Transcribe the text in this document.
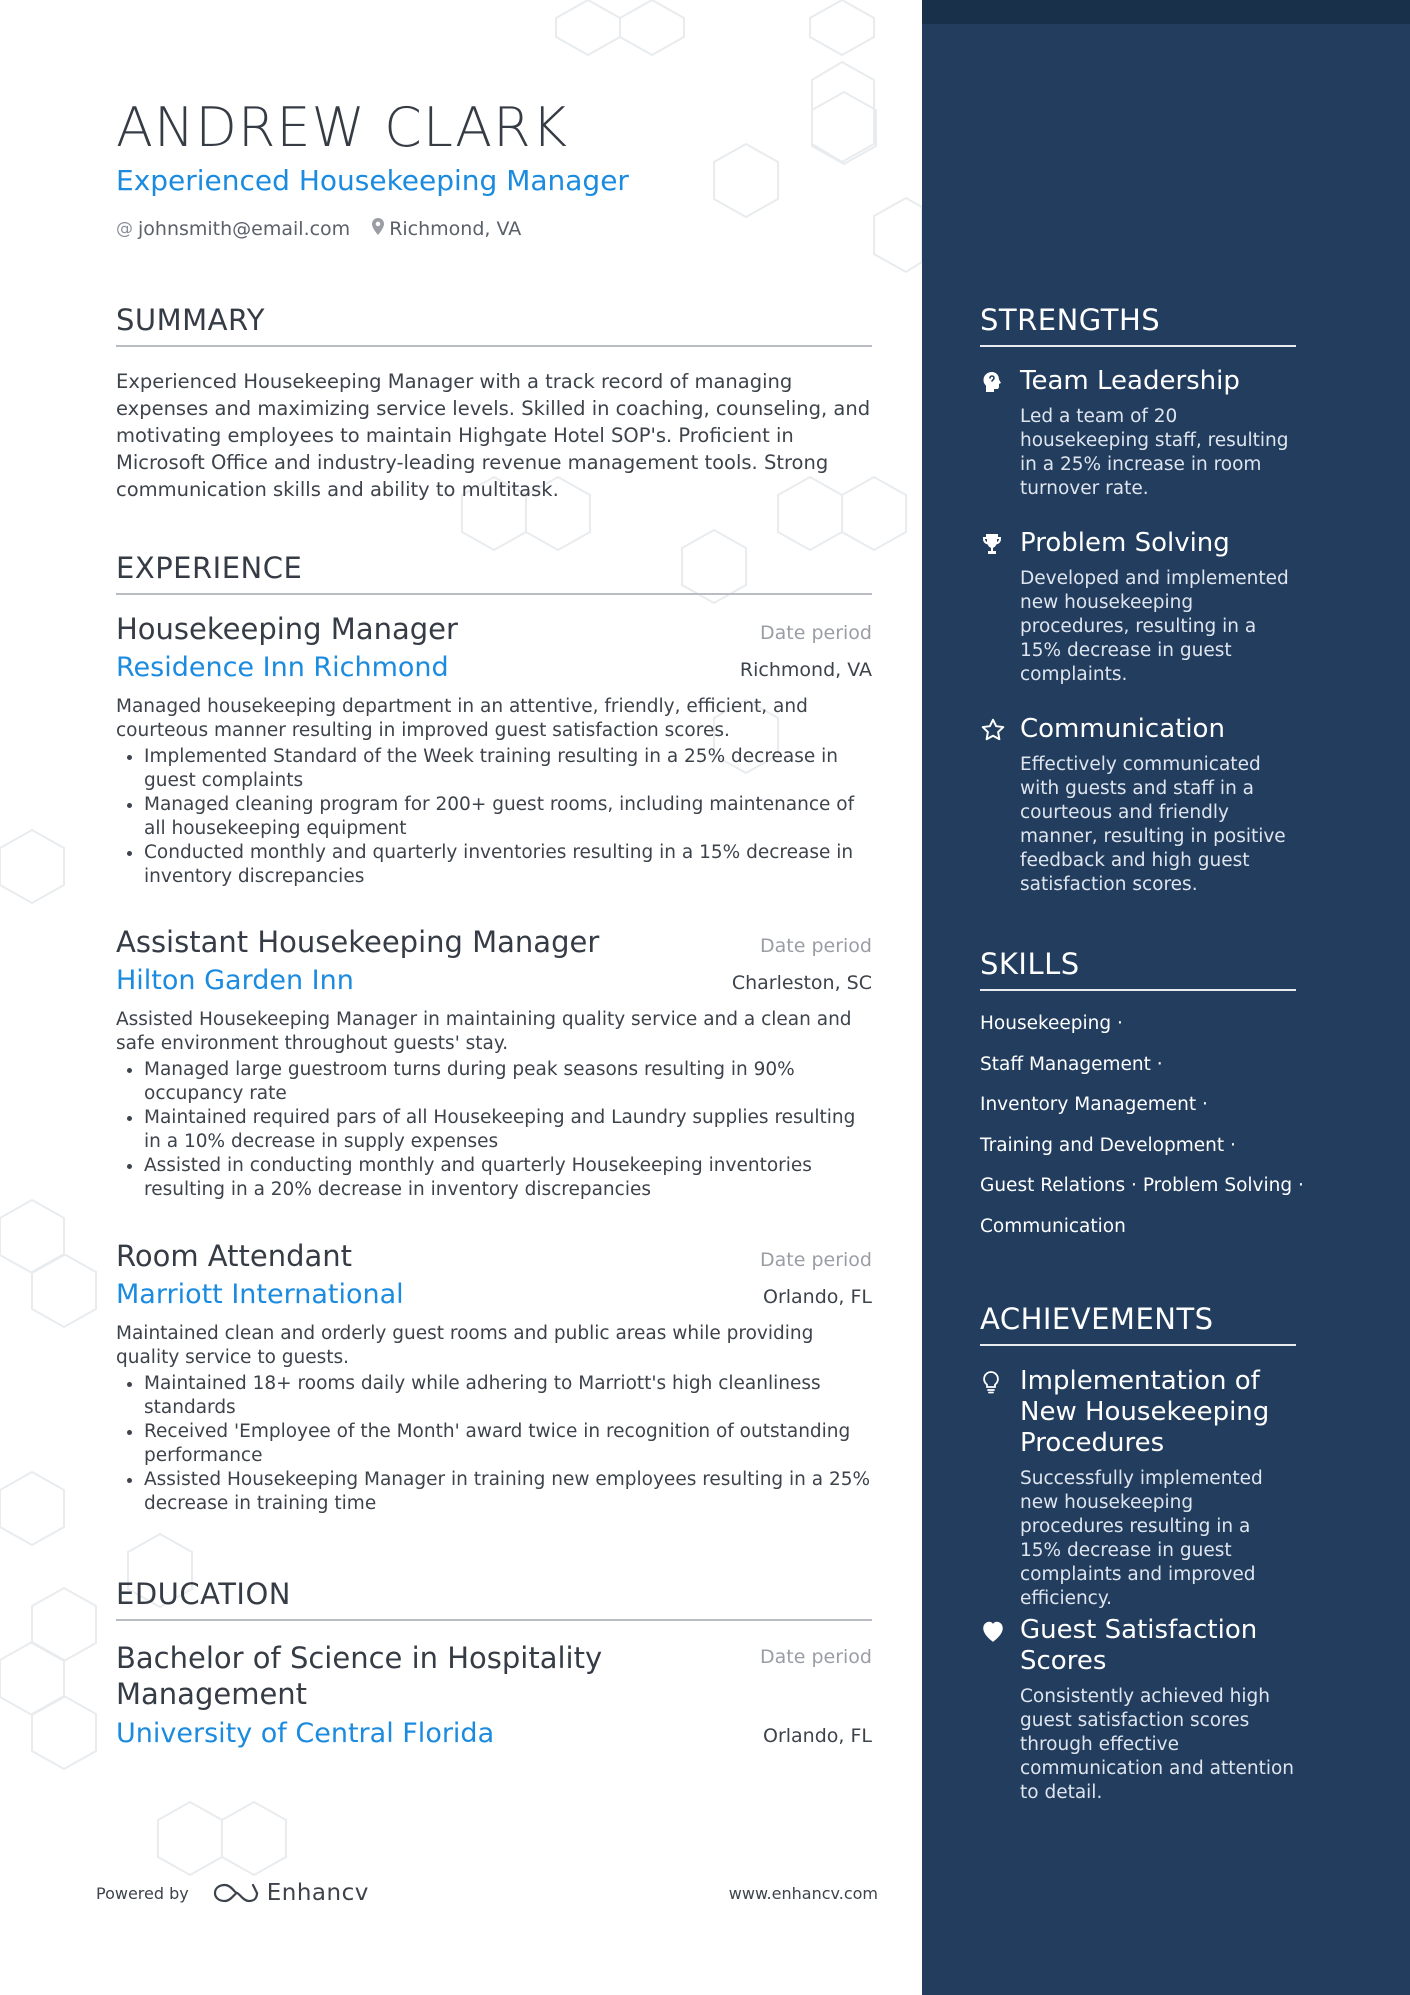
ANDREW CLARK
Experienced Housekeeping Manager
@ johnsmith@email.com Richmond, VA
SUMMARY
Experienced Housekeeping Manager with a track record of managing expenses and maximizing service levels. Skilled in coaching, counseling, and motivating employees to maintain Highgate Hotel SOP's. Proficient in Microsoft Office and industry-leading revenue management tools. Strong communication skills and ability to multitask.
EXPERIENCE
Housekeeping Manager	Date period
Residence Inn Richmond	Richmond, VA
Managed housekeeping department in an attentive, friendly, efficient, and courteous manner resulting in improved guest satisfaction scores.
• Implemented Standard of the Week training resulting in a 25% decrease in guest complaints
• Managed cleaning program for 200+ guest rooms, including maintenance of all housekeeping equipment
• Conducted monthly and quarterly inventories resulting in a 15% decrease in inventory discrepancies
Assistant Housekeeping Manager	Date period
Hilton Garden Inn	Charleston, SC
Assisted Housekeeping Manager in maintaining quality service and a clean and safe environment throughout guests' stay.
• Managed large guestroom turns during peak seasons resulting in 90% occupancy rate
• Maintained required pars of all Housekeeping and Laundry supplies resulting in a 10% decrease in supply expenses
• Assisted in conducting monthly and quarterly Housekeeping inventories resulting in a 20% decrease in inventory discrepancies
Room Attendant	Date period
Marriott International	Orlando, FL
Maintained clean and orderly guest rooms and public areas while providing quality service to guests.
• Maintained 18+ rooms daily while adhering to Marriott's high cleanliness standards
• Received 'Employee of the Month' award twice in recognition of outstanding performance
• Assisted Housekeeping Manager in training new employees resulting in a 25% decrease in training time
EDUCATION
Bachelor of Science in Hospitality Management
Date period
University of Central Florida	Orlando, FL
Powered by	Enhancv	www.enhancv.com
STRENGTHS
Team Leadership
Led a team of 20 housekeeping staff, resulting in a 25% increase in room turnover rate.
Problem Solving
Developed and implemented new housekeeping procedures, resulting in a 15% decrease in guest complaints.
Communication
Effectively communicated with guests and staff in a courteous and friendly manner, resulting in positive feedback and high guest satisfaction scores.
SKILLS
Housekeeping ·
Staff Management ·
Inventory Management ·
Training and Development ·
Guest Relations · Problem Solving ·
Communication
ACHIEVEMENTS
Implementation of New Housekeeping Procedures
Successfully implemented new housekeeping procedures resulting in a 15% decrease in guest complaints and improved efficiency.
Guest Satisfaction Scores
Consistently achieved high guest satisfaction scores through effective communication and attention to detail.
